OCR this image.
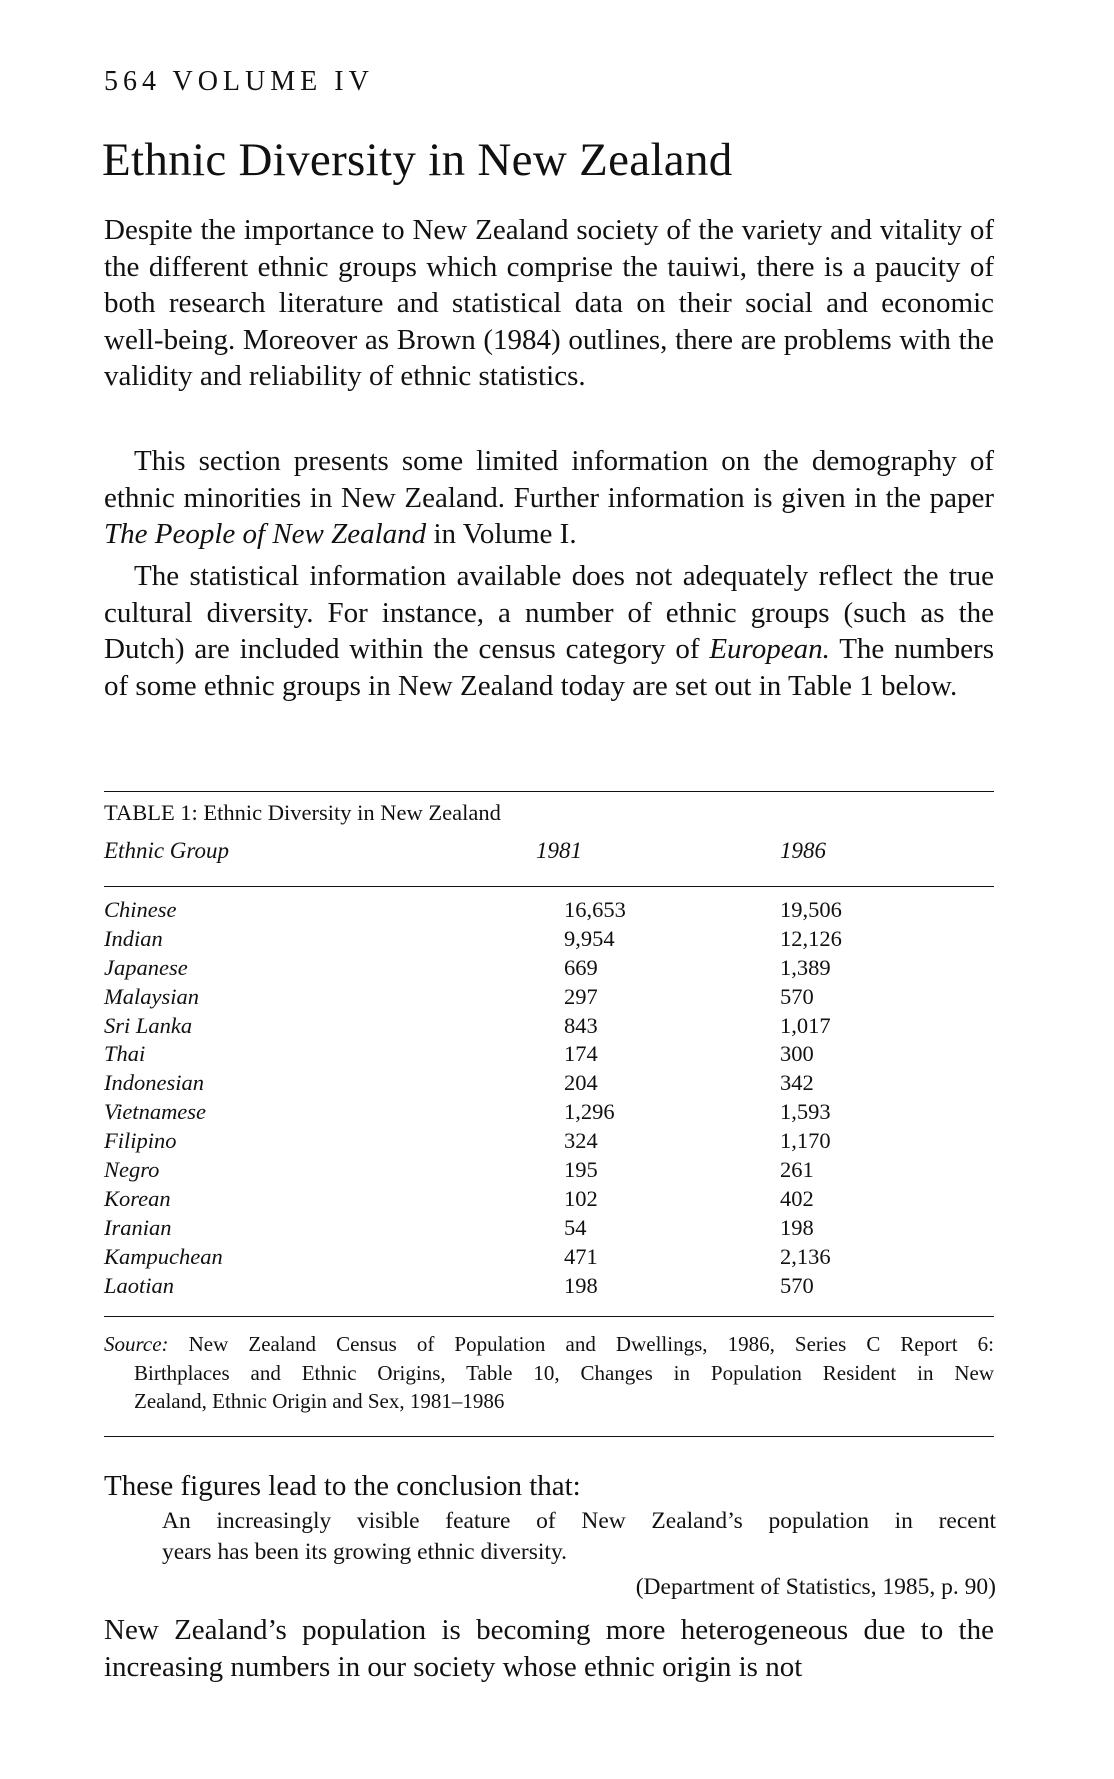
564 VOLUME IV
Ethnic Diversity in New Zealand

Despite the importance to New Zealand society of the variety and vitality of the different ethnic groups which comprise the tauiwi, there is a paucity of both research literature and statistical data on their social and economic well-being. Moreover as Brown (1984) outlines, there are problems with the validity and reliability of ethnic statistics.

This section presents some limited information on the demography of ethnic minorities in New Zealand. Further information is given in the paper The People of New Zealand in Volume I.

The statistical information available does not adequately reflect the true cultural diversity. For instance, a number of ethnic groups (such as the Dutch) are included within the census category of European. The numbers of some ethnic groups in New Zealand today are set out in Table 1 below.

TABLE 1: Ethnic Diversity in New Zealand
Ethnic Group	1981	1986
Chinese	16,653	19,506
Indian	9,954	12,126
Japanese	669	1,389
Malaysian	297	570
Sri Lanka	843	1,017
Thai	174	300
Indonesian	204	342
Vietnamese	1,296	1,593
Filipino	324	1,170
Negro	195	261
Korean	102	402
Iranian	54	198
Kampuchean	471	2,136
Laotian	198	570
Source: New Zealand Census of Population and Dwellings, 1986, Series C Report 6:
Birthplaces and Ethnic Origins, Table 10, Changes in Population Resident in New
Zealand, Ethnic Origin and Sex, 1981–1986
These figures lead to the conclusion that:
An increasingly visible feature of New Zealand’s population in recent
years has been its growing ethnic diversity.
(Department of Statistics, 1985, p. 90)

New Zealand’s population is becoming more heterogeneous due to the increasing numbers in our society whose ethnic origin is not
